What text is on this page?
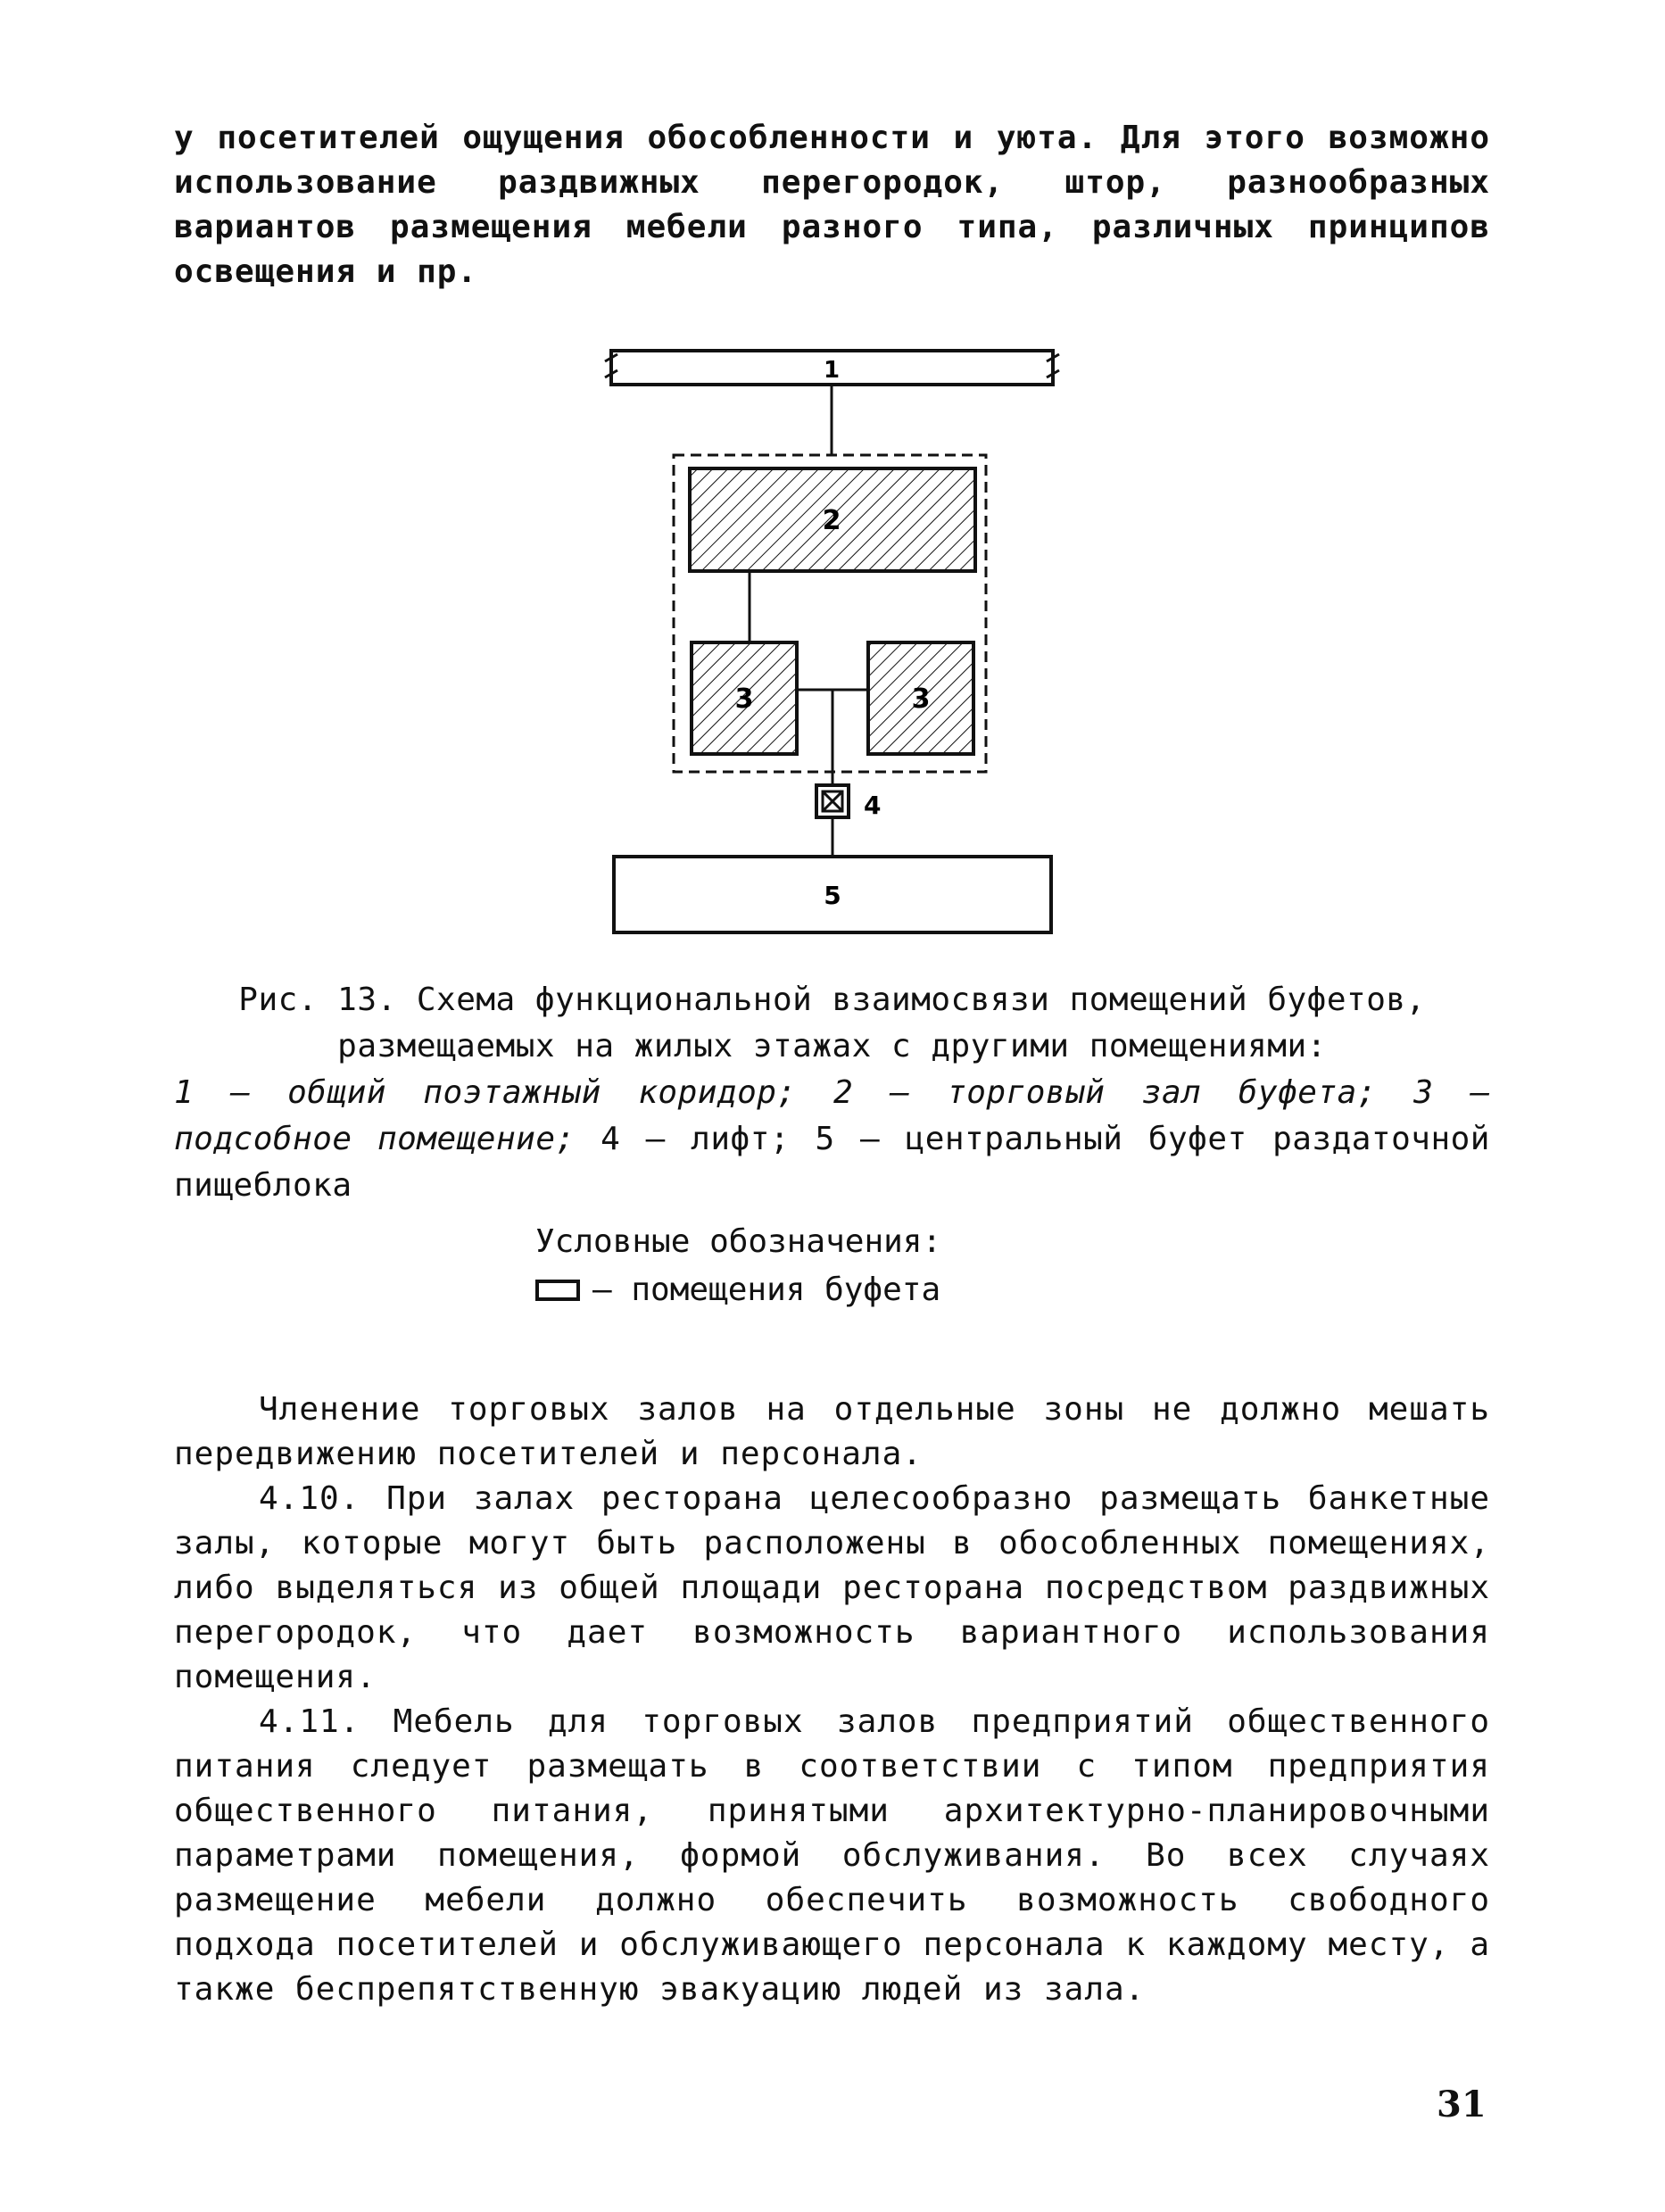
у посетителей ощущения обособленности и уюта. Для этого возможно использование раздвижных перегородок, штор, разнообразных вариантов размещения мебели разного типа, различных принципов освещения и пр.

1
2
3	3
4
5
Рис. 13. Схема функциональной взаимосвязи помещений буфетов,
размещаемых на жилых этажах с другими помещениями:
1 – общий поэтажный коридор; 2 – торговый зал буфета; 3 – подсобное помещение; 4 – лифт; 5 – центральный буфет раздаточной пищеблока
Условные обозначения:
– помещения буфета

Членение торговых залов на отдельные зоны не должно мешать передвижению посетителей и персонала.

4.10. При залах ресторана целесообразно размещать банкетные залы, которые могут быть расположены в обособленных помещениях, либо выделяться из общей площади ресторана посредством раздвижных перегородок, что дает возможность вариантного использования помещения.

4.11. Мебель для торговых залов предприятий общественного питания следует размещать в соответствии с типом предприятия общественного питания, принятыми архитектурно-планировочными параметрами помещения, формой обслуживания. Во всех случаях размещение мебели должно обеспечить возможность свободного подхода посетителей и обслуживающего персонала к каждому месту, а также беспрепятственную эвакуацию людей из зала.

31
